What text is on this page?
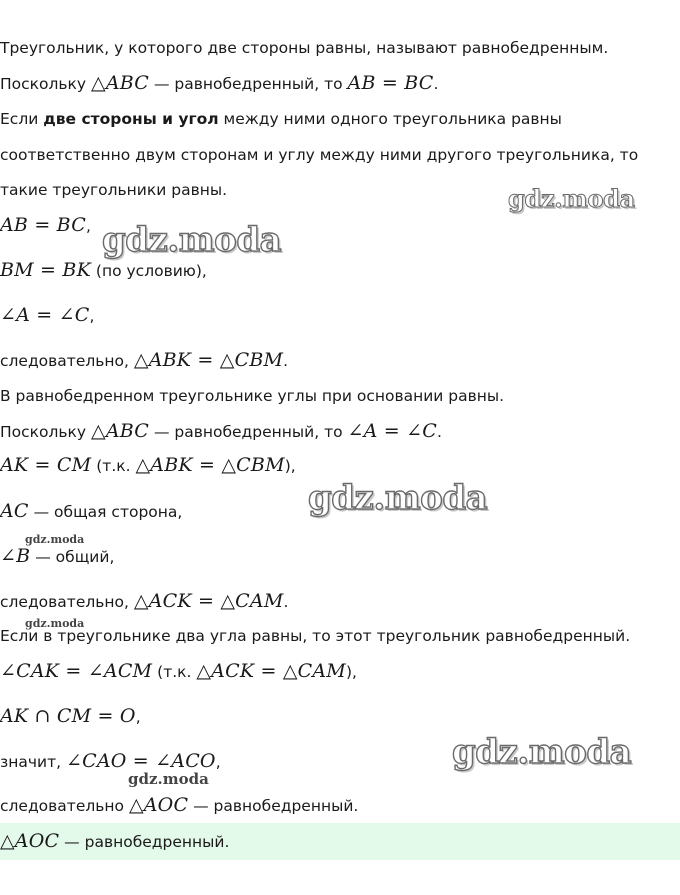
Треугольник, у которого две стороны равны, называют равнобедренным.
Поскольку △ABC — равнобедренный, то AB = BC.
Если две стороны и угол между ними одного треугольника равны
соответственно двум сторонам и углу между ними другого треугольника, то
такие треугольники равны.
AB = BC,
BM = BK (по условию),
∠A = ∠C,
следовательно, △ABK = △CBM.
В равнобедренном треугольнике углы при основании равны.
Поскольку △ABC — равнобедренный, то ∠A = ∠C.
AK = CM (т.к. △ABK = △CBM),
AC — общая сторона,
∠B — общий,
следовательно, △ACK = △CAM.
Если в треугольнике два угла равны, то этот треугольник равнобедренный.
∠CAK = ∠ACM (т.к. △ACK = △CAM),
AK ∩ CM = O,
значит, ∠CAO = ∠ACO,
следовательно △AOC — равнобедренный.
△AOC — равнобедренный.
gdz.moda
gdz.moda
gdz.moda
gdz.moda
gdz.moda
gdz.moda
gdz.moda
